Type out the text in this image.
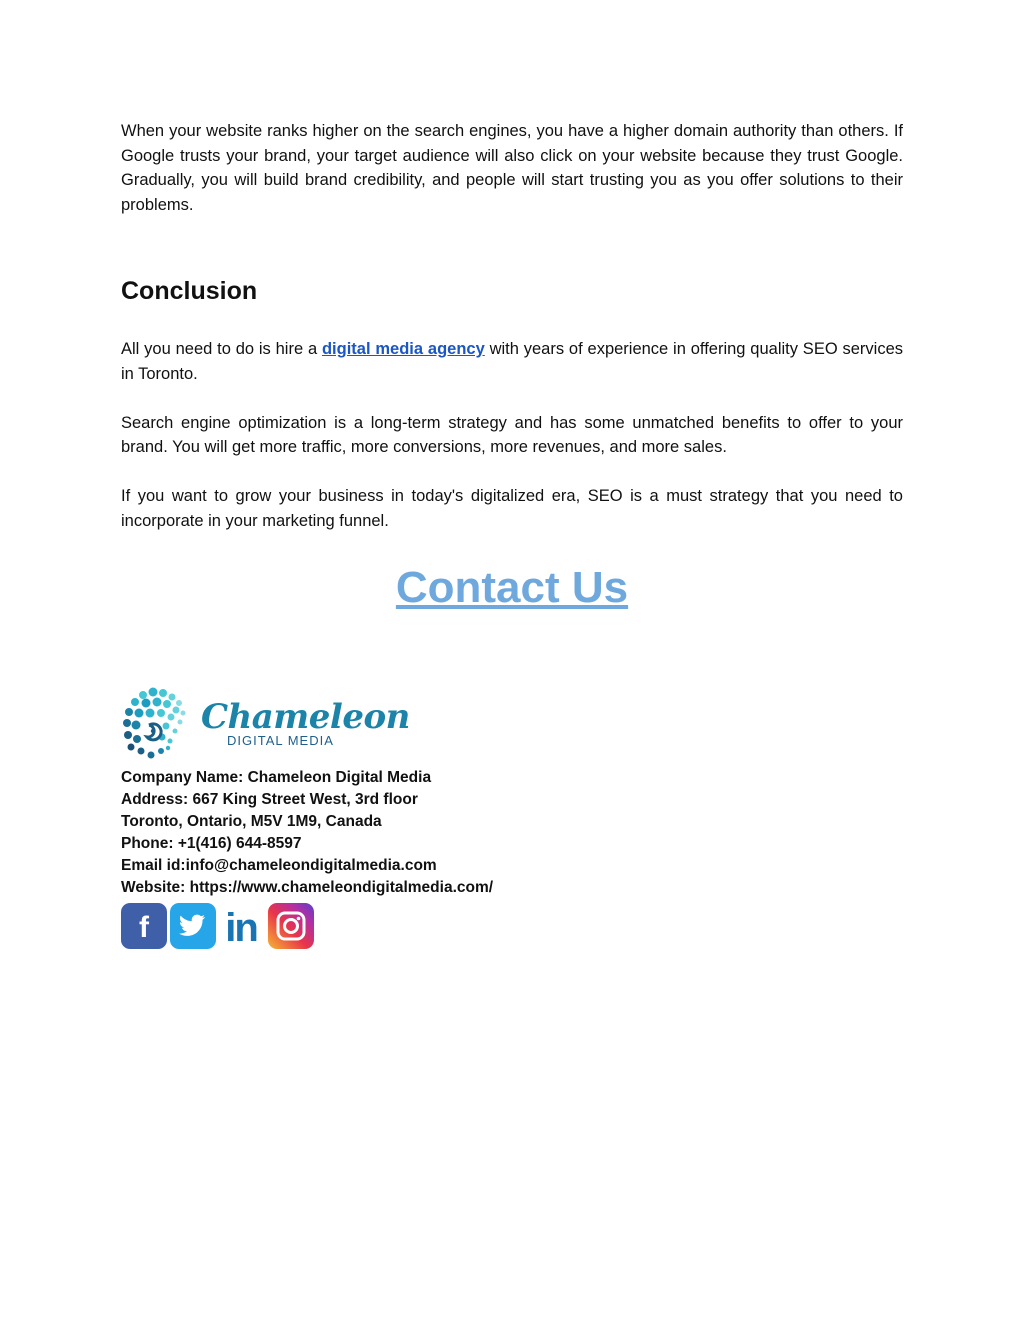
When your website ranks higher on the search engines, you have a higher domain authority than others. If Google trusts your brand, your target audience will also click on your website because they trust Google. Gradually, you will build brand credibility, and people will start trusting you as you offer solutions to their problems.

Conclusion

All you need to do is hire a digital media agency with years of experience in offering quality SEO services in Toronto.

Search engine optimization is a long-term strategy and has some unmatched benefits to offer to your brand. You will get more traffic, more conversions, more revenues, and more sales.

If you want to grow your business in today's digitalized era, SEO is a must strategy that you need to incorporate in your marketing funnel.

Contact Us
Chameleon
DIGITAL MEDIA
Company Name: Chameleon Digital Media
Address: 667 King Street West, 3rd floor
Toronto, Ontario, M5V 1M9, Canada
Phone: +1(416) 644-8597
Email id:info@chameleondigitalmedia.com
Website: https://www.chameleondigitalmedia.com/
f in
